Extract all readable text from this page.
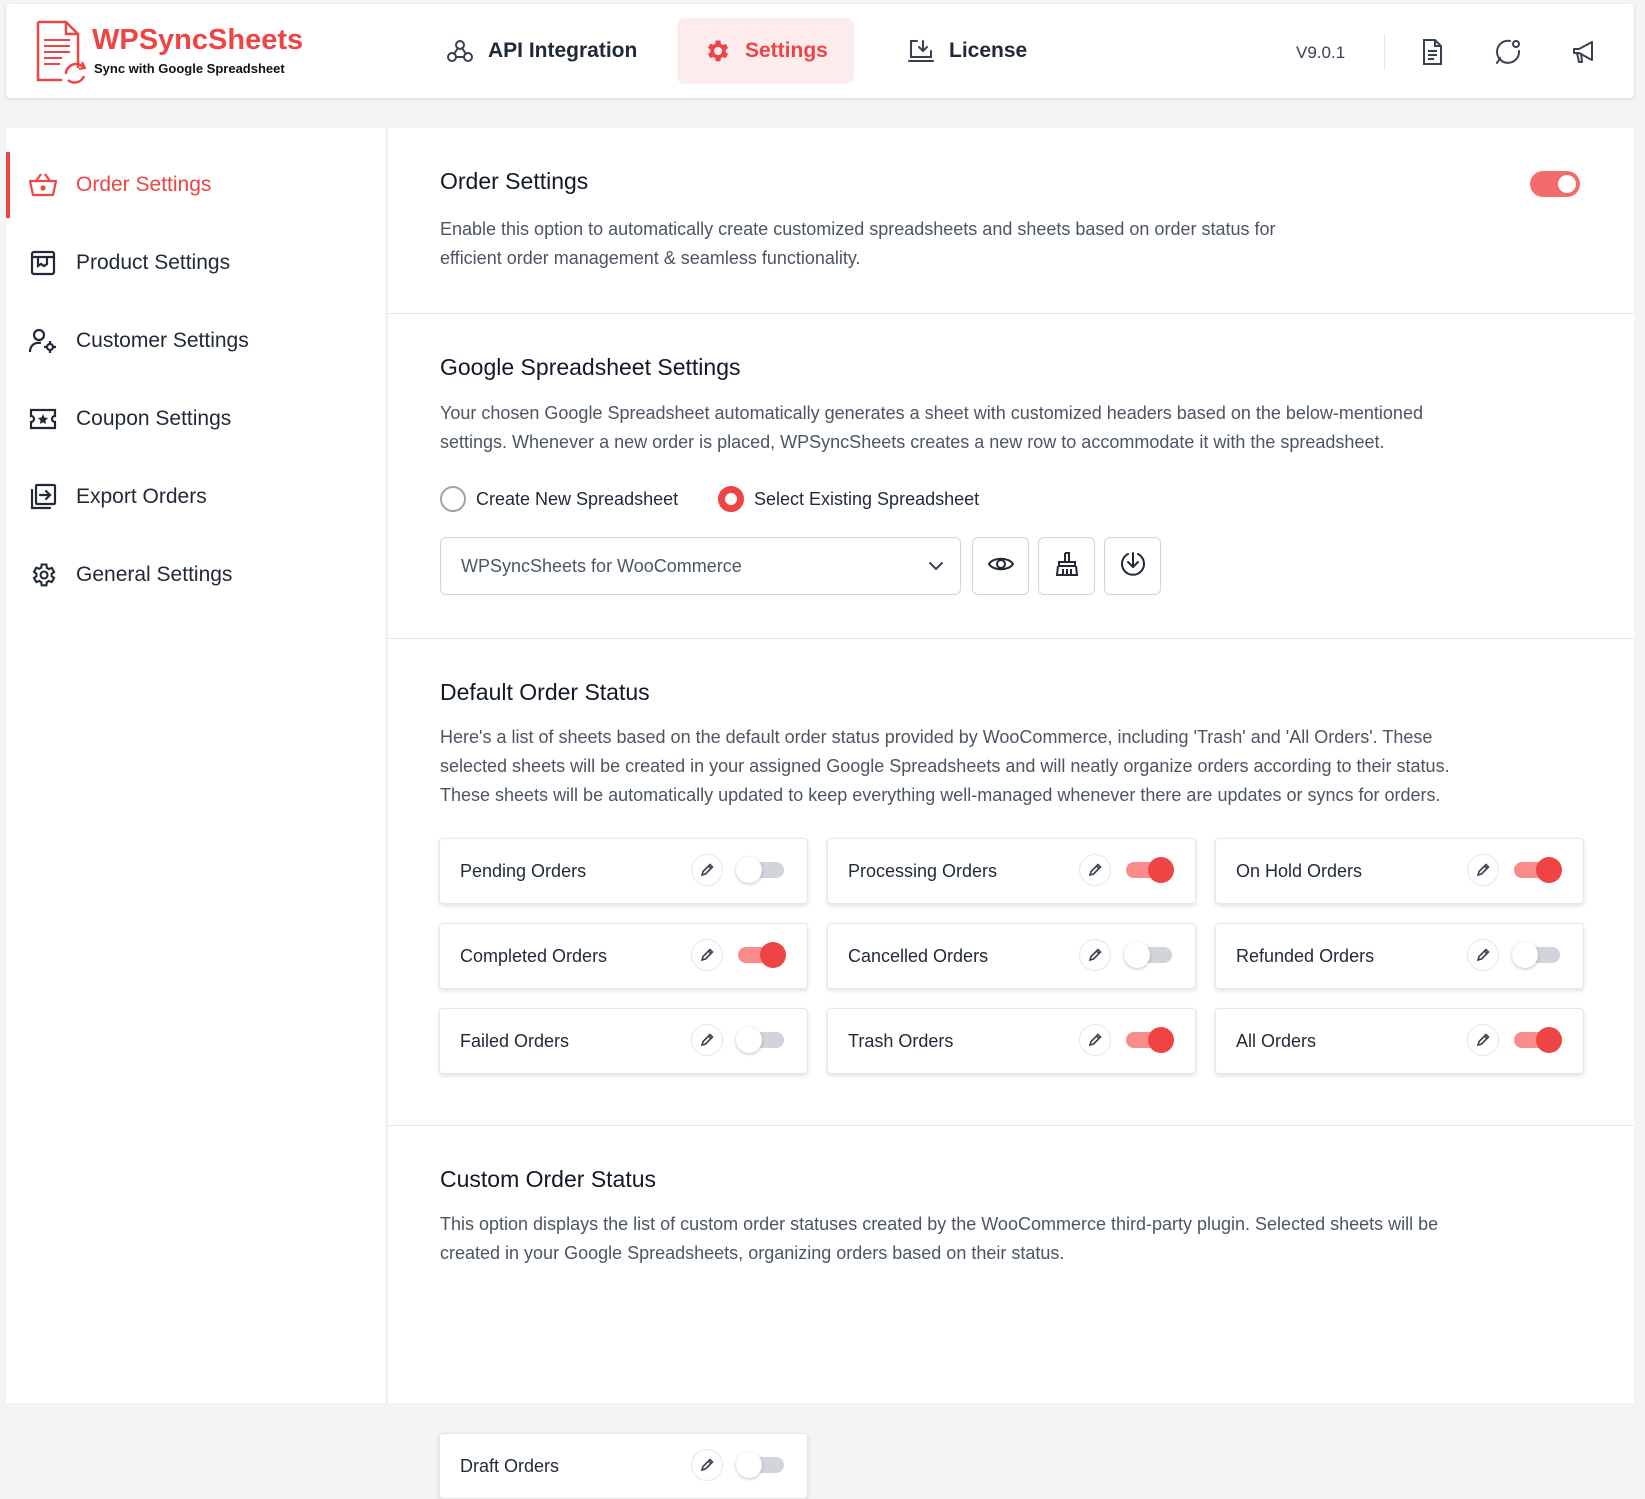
WPSyncSheets
Sync with Google Spreadsheet
API Integration	Settings	License	V9.0.1
Order Settings
Product Settings
Customer Settings
Coupon Settings
Export Orders
General Settings
Order Settings
Enable this option to automatically create customized spreadsheets and sheets based on order status for
efficient order management & seamless functionality.
Google Spreadsheet Settings
Your chosen Google Spreadsheet automatically generates a sheet with customized headers based on the below-mentioned
settings. Whenever a new order is placed, WPSyncSheets creates a new row to accommodate it with the spreadsheet.
Create New Spreadsheet	Select Existing Spreadsheet
WPSyncSheets for WooCommerce
Default Order Status
Here's a list of sheets based on the default order status provided by WooCommerce, including 'Trash' and 'All Orders'. These
selected sheets will be created in your assigned Google Spreadsheets and will neatly organize orders according to their status.
These sheets will be automatically updated to keep everything well-managed whenever there are updates or syncs for orders.
Pending Orders	Processing Orders	On Hold Orders
Completed Orders	Cancelled Orders	Refunded Orders
Failed Orders	Trash Orders	All Orders
Custom Order Status
This option displays the list of custom order statuses created by the WooCommerce third-party plugin. Selected sheets will be
created in your Google Spreadsheets, organizing orders based on their status.
Draft Orders
